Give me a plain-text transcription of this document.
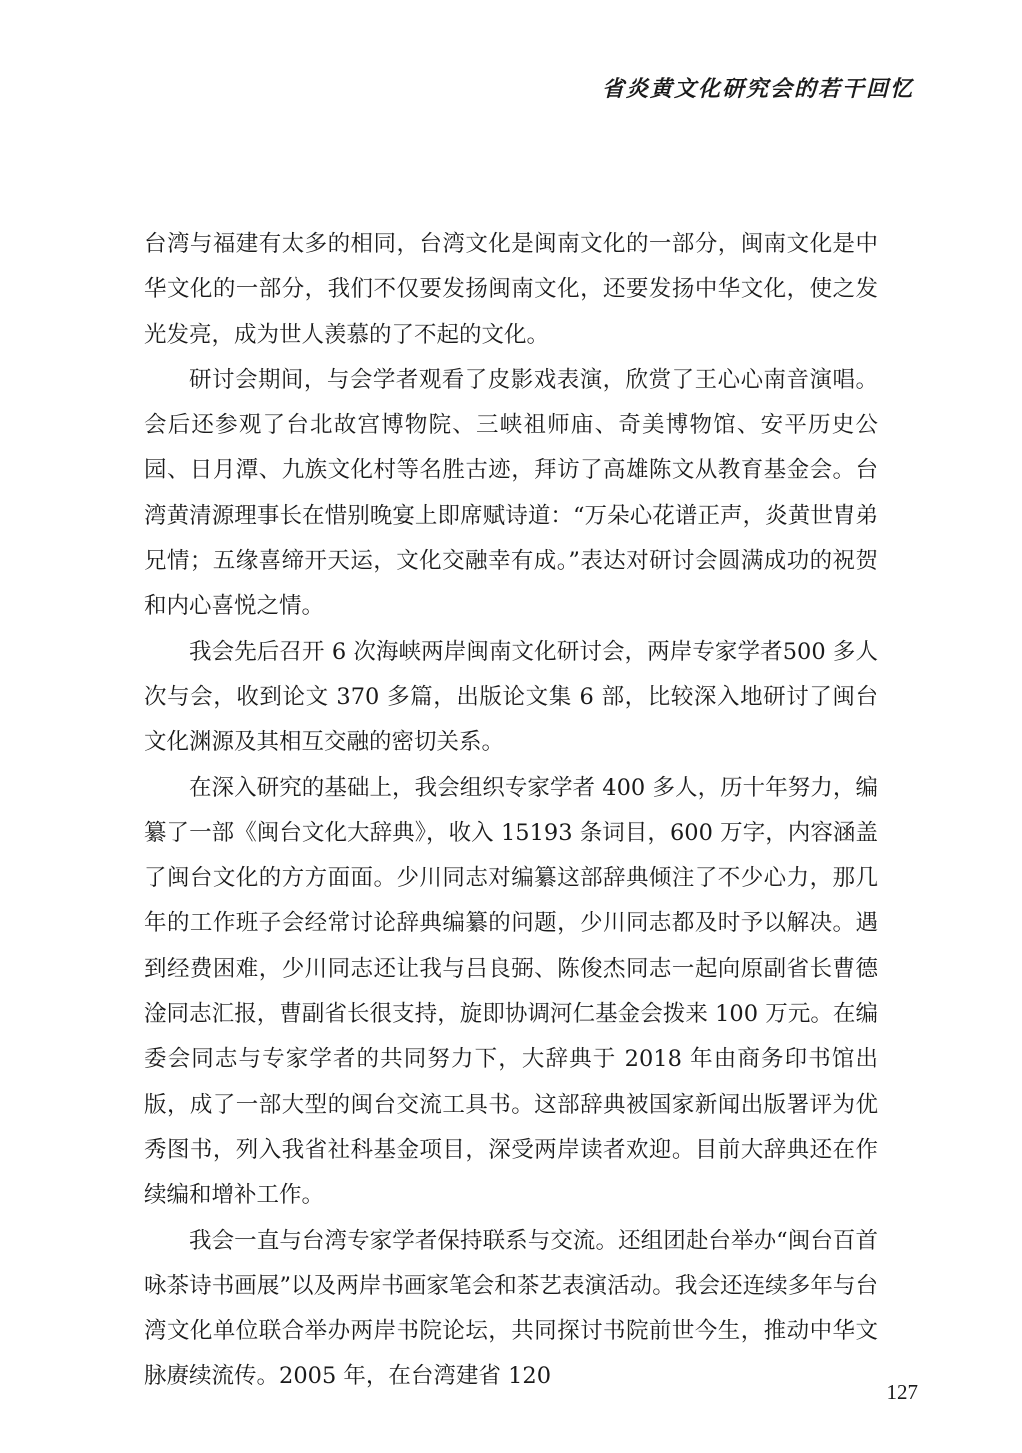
省炎黄文化研究会的若干回忆

台湾与福建有太多的相同，台湾文化是闽南文化的一部分，闽南文化是中华文化的一部分，我们不仅要发扬闽南文化，还要发扬中华文化，使之发光发亮，成为世人羡慕的了不起的文化。

研讨会期间，与会学者观看了皮影戏表演，欣赏了王心心南音演唱。会后还参观了台北故宫博物院、三峡祖师庙、奇美博物馆、安平历史公园、日月潭、九族文化村等名胜古迹，拜访了高雄陈文从教育基金会。台湾黄清源理事长在惜别晚宴上即席赋诗道：“万朵心花谱正声，炎黄世胄弟兄情；五缘喜缔开天运，文化交融幸有成。”表达对研讨会圆满成功的祝贺和内心喜悦之情。

我会先后召开 6 次海峡两岸闽南文化研讨会，两岸专家学者500 多人次与会，收到论文 370 多篇，出版论文集 6 部，比较深入地研讨了闽台文化渊源及其相互交融的密切关系。

在深入研究的基础上，我会组织专家学者 400 多人，历十年努力，编纂了一部《闽台文化大辞典》，收入 15193 条词目，600 万字，内容涵盖了闽台文化的方方面面。少川同志对编纂这部辞典倾注了不少心力，那几年的工作班子会经常讨论辞典编纂的问题，少川同志都及时予以解决。遇到经费困难，少川同志还让我与吕良弼、陈俊杰同志一起向原副省长曹德淦同志汇报，曹副省长很支持，旋即协调河仁基金会拨来 100 万元。在编委会同志与专家学者的共同努力下，大辞典于 2018 年由商务印书馆出版，成了一部大型的闽台交流工具书。这部辞典被国家新闻出版署评为优秀图书，列入我省社科基金项目，深受两岸读者欢迎。目前大辞典还在作续编和增补工作。

我会一直与台湾专家学者保持联系与交流。还组团赴台举办“闽台百首咏茶诗书画展”以及两岸书画家笔会和茶艺表演活动。我会还连续多年与台湾文化单位联合举办两岸书院论坛，共同探讨书院前世今生，推动中华文脉赓续流传。2005 年，在台湾建省 120

127
